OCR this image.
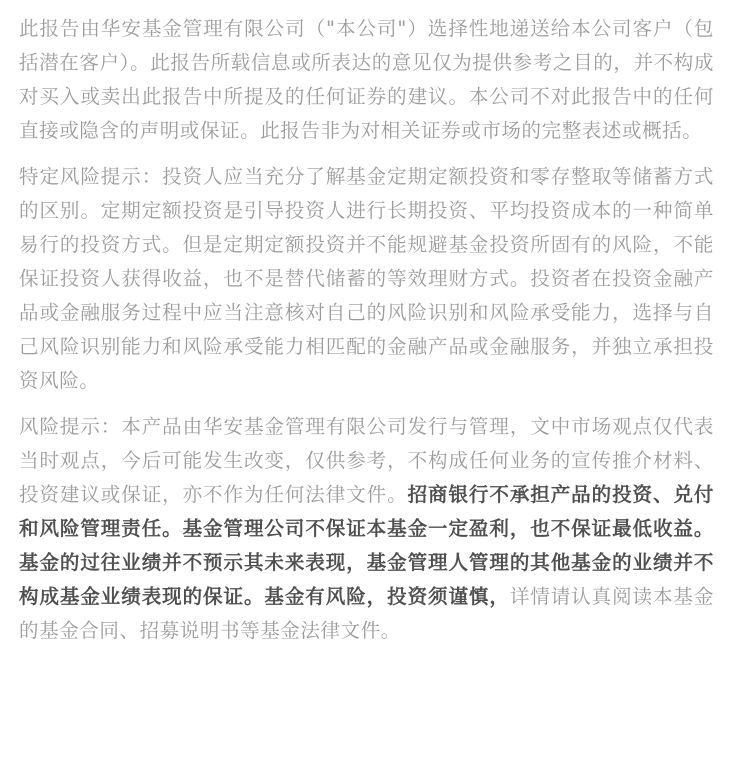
此报告由华安基金管理有限公司（"本公司"）选择性地递送给本公司客户（包括潜在客户）。此报告所载信息或所表达的意见仅为提供参考之目的，并不构成对买入或卖出此报告中所提及的任何证券的建议。本公司不对此报告中的任何直接或隐含的声明或保证。此报告非为对相关证券或市场的完整表述或概括。

特定风险提示：投资人应当充分了解基金定期定额投资和零存整取等储蓄方式的区别。定期定额投资是引导投资人进行长期投资、平均投资成本的一种简单易行的投资方式。但是定期定额投资并不能规避基金投资所固有的风险，不能保证投资人获得收益，也不是替代储蓄的等效理财方式。投资者在投资金融产品或金融服务过程中应当注意核对自己的风险识别和风险承受能力，选择与自己风险识别能力和风险承受能力相匹配的金融产品或金融服务，并独立承担投资风险。

风险提示：本产品由华安基金管理有限公司发行与管理，文中市场观点仅代表当时观点，今后可能发生改变，仅供参考，不构成任何业务的宣传推介材料、投资建议或保证，亦不作为任何法律文件。招商银行不承担产品的投资、兑付和风险管理责任。基金管理公司不保证本基金一定盈利，也不保证最低收益。基金的过往业绩并不预示其未来表现，基金管理人管理的其他基金的业绩并不构成基金业绩表现的保证。基金有风险，投资须谨慎，详情请认真阅读本基金的基金合同、招募说明书等基金法律文件。
